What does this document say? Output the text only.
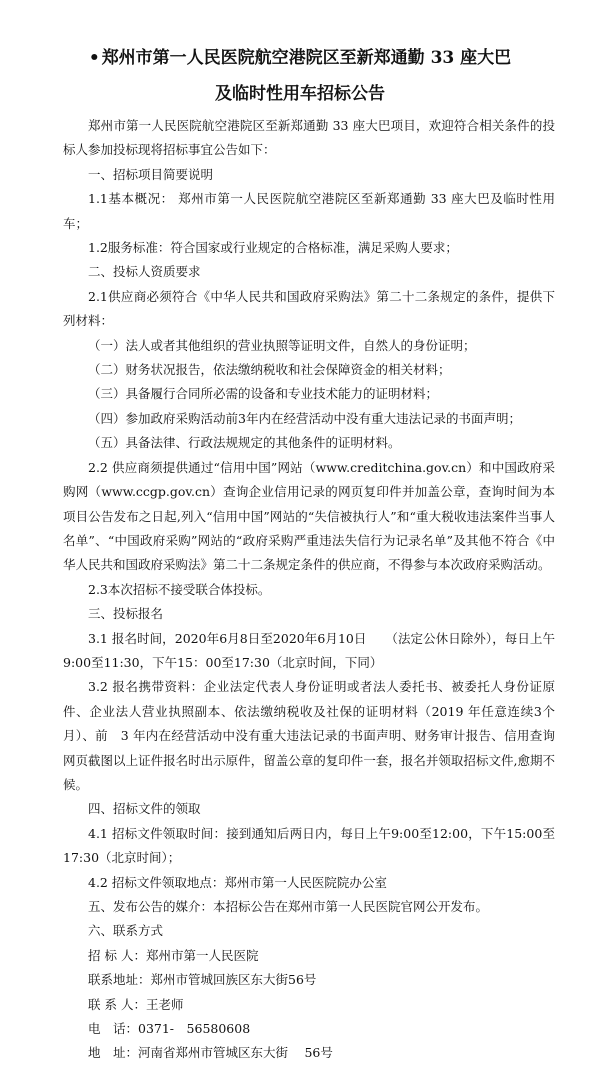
• 郑州市第一人民医院航空港院区至新郑通勤 33 座大巴
及临时性用车招标公告

郑州市第一人民医院航空港院区至新郑通勤 33 座大巴项目，欢迎符合相关条件的投标人参加投标现将招标事宜公告如下：

一、招标项目简要说明

1.1基本概况： 郑州市第一人民医院航空港院区至新郑通勤 33 座大巴及临时性用车；

1.2服务标准：符合国家或行业规定的合格标准，满足采购人要求；

二、投标人资质要求

2.1供应商必须符合《中华人民共和国政府采购法》第二十二条规定的条件，提供下列材料：

（一）法人或者其他组织的营业执照等证明文件，自然人的身份证明；

（二）财务状况报告，依法缴纳税收和社会保障资金的相关材料；

（三）具备履行合同所必需的设备和专业技术能力的证明材料；

（四）参加政府采购活动前3年内在经营活动中没有重大违法记录的书面声明；

（五）具备法律、行政法规规定的其他条件的证明材料。

2.2 供应商须提供通过“信用中国”网站（www.creditchina.gov.cn）和中国政府采购网（www.ccgp.gov.cn）查询企业信用记录的网页复印件并加盖公章，查询时间为本项目公告发布之日起,列入“信用中国”网站的“失信被执行人”和“重大税收违法案件当事人名单”、“中国政府采购”网站的“政府采购严重违法失信行为记录名单”及其他不符合《中华人民共和国政府采购法》第二十二条规定条件的供应商，不得参与本次政府采购活动。

2.3本次招标不接受联合体投标。

三、投标报名

3.1 报名时间，2020年6月8日至2020年6月10日　　（法定公休日除外），每日上午　9:00至11:30，下午15：00至17:30（北京时间，下同）

3.2 报名携带资料：企业法定代表人身份证明或者法人委托书、被委托人身份证原件、企业法人营业执照副本、依法缴纳税收及社保的证明材料（2019 年任意连续3个月）、前　3 年内在经营活动中没有重大违法记录的书面声明、财务审计报告、信用查询网页截图以上证件报名时出示原件，留盖公章的复印件一套，报名并领取招标文件,愈期不候。

四、招标文件的领取

4.1 招标文件领取时间：接到通知后两日内，每日上午9:00至12:00，下午15:00至17:30（北京时间）；

4.2 招标文件领取地点：郑州市第一人民医院院办公室

五、发布公告的媒介：本招标公告在郑州市第一人民医院官网公开发布。

六、联系方式

招 标 人：郑州市第一人民医院

联系地址：郑州市管城回族区东大街56号

联 系 人：王老师

电　话：0371-　56580608

地　址：河南省郑州市管城区东大街　 56号
